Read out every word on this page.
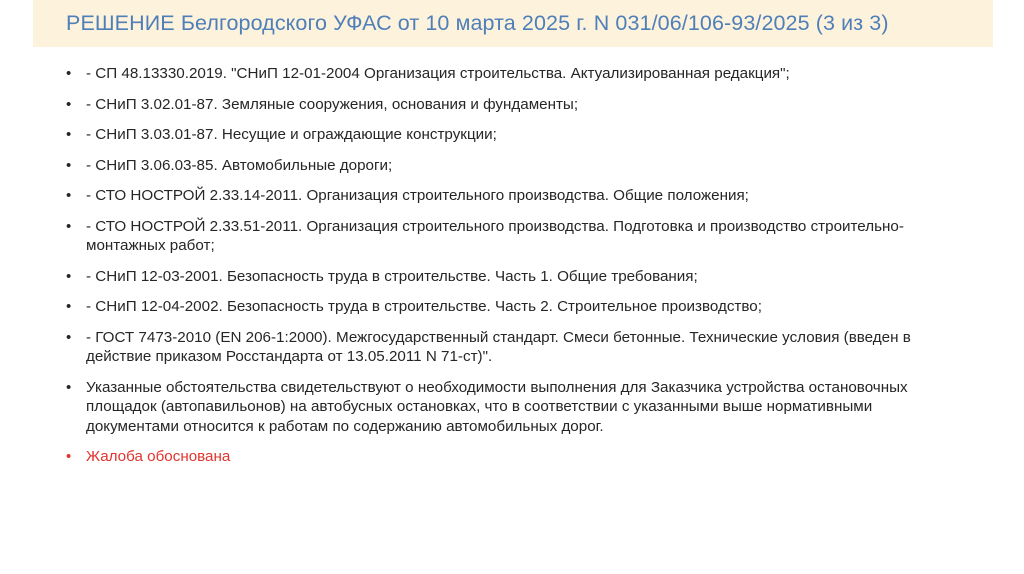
РЕШЕНИЕ Белгородского УФАС от 10 марта 2025 г. N 031/06/106-93/2025 (3 из 3)
• - СП 48.13330.2019. "СНиП 12-01-2004 Организация строительства. Актуализированная редакция";
• - СНиП 3.02.01-87. Земляные сооружения, основания и фундаменты;
• - СНиП 3.03.01-87. Несущие и ограждающие конструкции;
• - СНиП 3.06.03-85. Автомобильные дороги;
• - СТО НОСТРОЙ 2.33.14-2011. Организация строительного производства. Общие положения;
• - СТО НОСТРОЙ 2.33.51-2011. Организация строительного производства. Подготовка и производство строительно-монтажных работ;
• - СНиП 12-03-2001. Безопасность труда в строительстве. Часть 1. Общие требования;
• - СНиП 12-04-2002. Безопасность труда в строительстве. Часть 2. Строительное производство;
• - ГОСТ 7473-2010 (EN 206-1:2000). Межгосударственный стандарт. Смеси бетонные. Технические условия (введен в действие приказом Росстандарта от 13.05.2011 N 71-ст)".
• Указанные обстоятельства свидетельствуют о необходимости выполнения для Заказчика устройства остановочных площадок (автопавильонов) на автобусных остановках, что в соответствии с указанными выше нормативными документами относится к работам по содержанию автомобильных дорог.
• Жалоба обоснована
